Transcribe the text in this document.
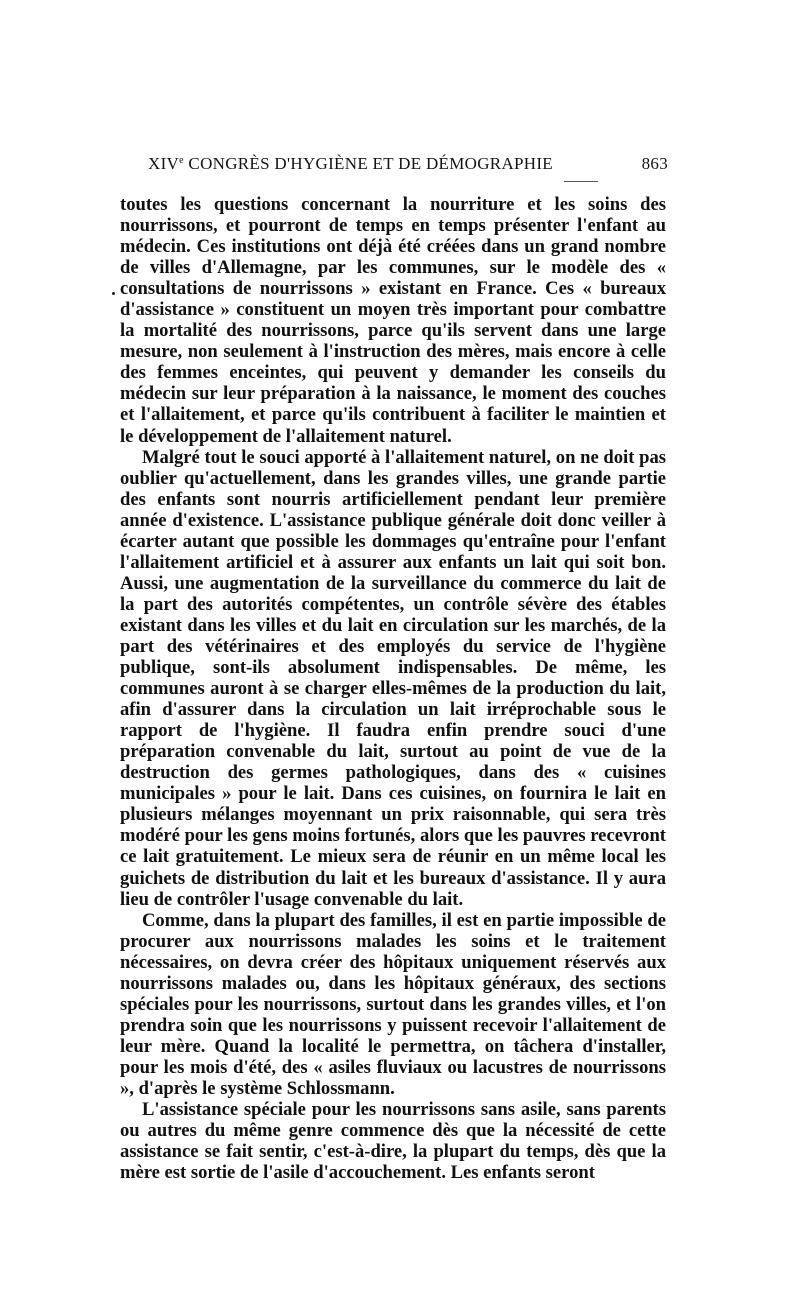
XIVe CONGRÈS D'HYGIÈNE ET DE DÉMOGRAPHIE	863

toutes les questions concernant la nourriture et les soins des nourrissons, et pourront de temps en temps présenter l'enfant au médecin. Ces institutions ont déjà été créées dans un grand nombre de villes d'Allemagne, par les communes, sur le modèle des « consultations de nourrissons » existant en France. Ces « bureaux d'assistance » constituent un moyen très important pour combattre la mortalité des nourrissons, parce qu'ils servent dans une large mesure, non seulement à l'instruction des mères, mais encore à celle des femmes enceintes, qui peuvent y demander les conseils du médecin sur leur préparation à la naissance, le moment des couches et l'allaitement, et parce qu'ils contribuent à faciliter le maintien et le développement de l'allaitement naturel.

Malgré tout le souci apporté à l'allaitement naturel, on ne doit pas oublier qu'actuellement, dans les grandes villes, une grande partie des enfants sont nourris artificiellement pendant leur première année d'existence. L'assistance publique générale doit donc veiller à écarter autant que possible les dommages qu'entraîne pour l'enfant l'allaitement artificiel et à assurer aux enfants un lait qui soit bon. Aussi, une augmentation de la surveillance du commerce du lait de la part des autorités compétentes, un contrôle sévère des étables existant dans les villes et du lait en circulation sur les marchés, de la part des vétérinaires et des employés du service de l'hygiène publique, sont-ils absolument indispensables. De même, les communes auront à se charger elles-mêmes de la production du lait, afin d'assurer dans la circulation un lait irréprochable sous le rapport de l'hygiène. Il faudra enfin prendre souci d'une préparation convenable du lait, surtout au point de vue de la destruction des germes pathologiques, dans des « cuisines municipales » pour le lait. Dans ces cuisines, on fournira le lait en plusieurs mélanges moyennant un prix raisonnable, qui sera très modéré pour les gens moins fortunés, alors que les pauvres recevront ce lait gratuitement. Le mieux sera de réunir en un même local les guichets de distribution du lait et les bureaux d'assistance. Il y aura lieu de contrôler l'usage convenable du lait.

Comme, dans la plupart des familles, il est en partie impossible de procurer aux nourrissons malades les soins et le traitement nécessaires, on devra créer des hôpitaux uniquement réservés aux nourrissons malades ou, dans les hôpitaux généraux, des sections spéciales pour les nourrissons, surtout dans les grandes villes, et l'on prendra soin que les nourrissons y puissent recevoir l'allaitement de leur mère. Quand la localité le permettra, on tâchera d'installer, pour les mois d'été, des « asiles fluviaux ou lacustres de nourrissons », d'après le système Schlossmann.

L'assistance spéciale pour les nourrissons sans asile, sans parents ou autres du même genre commence dès que la nécessité de cette assistance se fait sentir, c'est-à-dire, la plupart du temps, dès que la mère est sortie de l'asile d'accouchement. Les enfants seront
